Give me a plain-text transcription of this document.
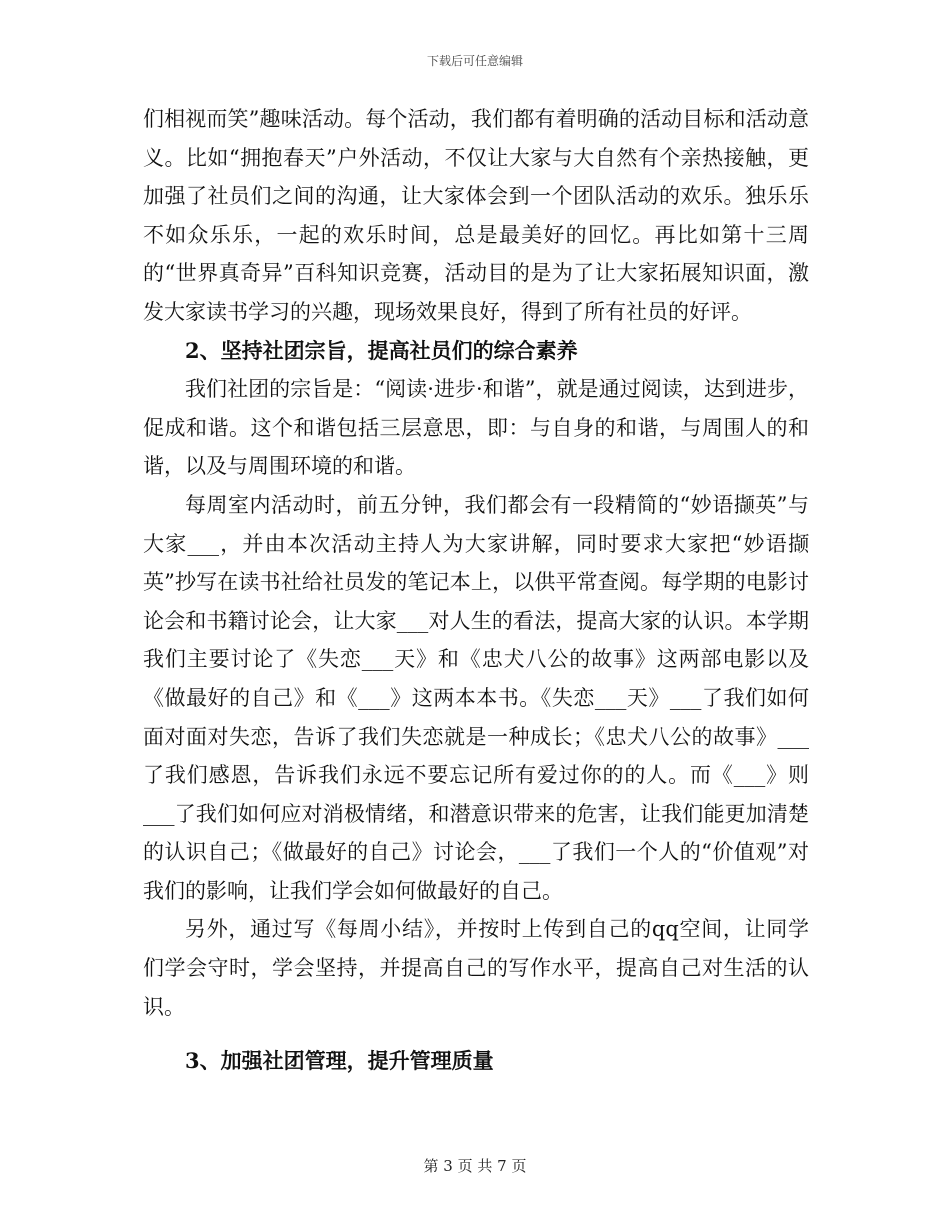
下载后可任意编辑

们相视而笑”趣味活动。每个活动，我们都有着明确的活动目标和活动意义。比如“拥抱春天”户外活动，不仅让大家与大自然有个亲热接触，更加强了社员们之间的沟通，让大家体会到一个团队活动的欢乐。独乐乐不如众乐乐，一起的欢乐时间，总是最美好的回忆。再比如第十三周的“世界真奇异”百科知识竞赛，活动目的是为了让大家拓展知识面，激发大家读书学习的兴趣，现场效果良好，得到了所有社员的好评。

2、坚持社团宗旨，提高社员们的综合素养

我们社团的宗旨是：“阅读·进步·和谐”，就是通过阅读，达到进步，促成和谐。这个和谐包括三层意思，即：与自身的和谐，与周围人的和谐，以及与周围环境的和谐。

每周室内活动时，前五分钟，我们都会有一段精简的“妙语撷英”与大家___，并由本次活动主持人为大家讲解，同时要求大家把“妙语撷英”抄写在读书社给社员发的笔记本上，以供平常查阅。每学期的电影讨论会和书籍讨论会，让大家___对人生的看法，提高大家的认识。本学期我们主要讨论了《失恋___天》和《忠犬八公的故事》这两部电影以及《做最好的自己》和《___》这两本本书。《失恋___天》___了我们如何面对面对失恋，告诉了我们失恋就是一种成长；《忠犬八公的故事》___了我们感恩，告诉我们永远不要忘记所有爱过你的的人。而《___》则___了我们如何应对消极情绪，和潜意识带来的危害，让我们能更加清楚的认识自己；《做最好的自己》讨论会，___了我们一个人的“价值观”对我们的影响，让我们学会如何做最好的自己。

另外，通过写《每周小结》，并按时上传到自己的qq空间，让同学们学会守时，学会坚持，并提高自己的写作水平，提高自己对生活的认识。

3、加强社团管理，提升管理质量

第 3 页 共 7 页
